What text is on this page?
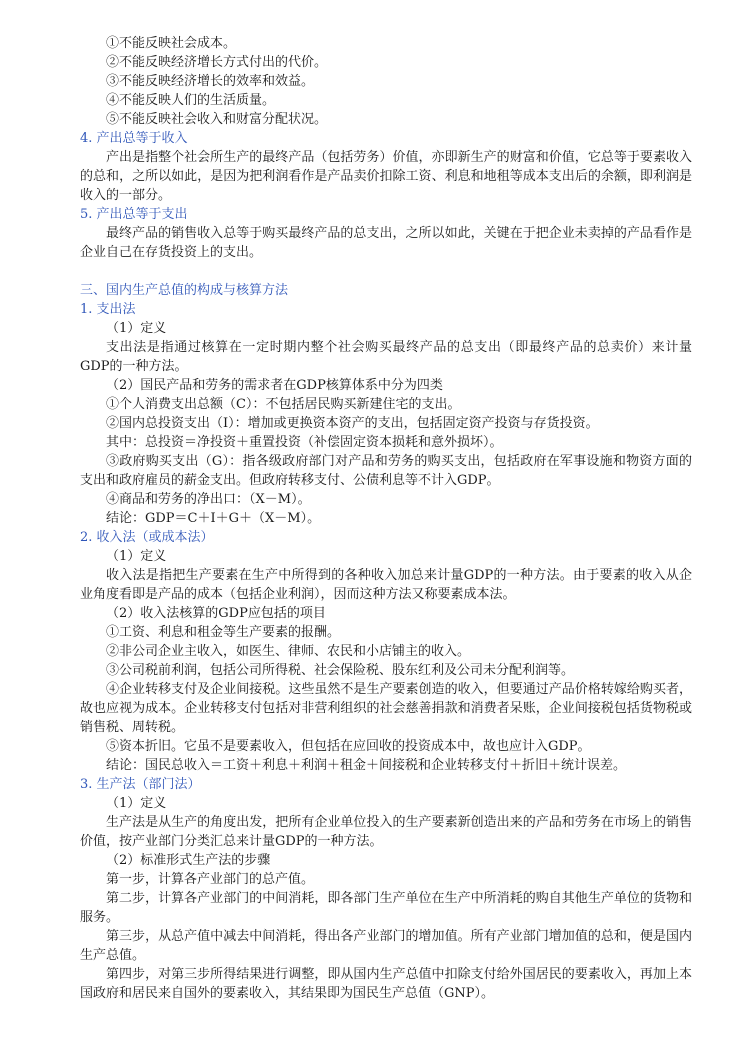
①不能反映社会成本。
②不能反映经济增长方式付出的代价。
③不能反映经济增长的效率和效益。
④不能反映人们的生活质量。
⑤不能反映社会收入和财富分配状况。
4. 产出总等于收入
产出是指整个社会所生产的最终产品（包括劳务）价值，亦即新生产的财富和价值，它总等于要素收入的总和，之所以如此，是因为把利润看作是产品卖价扣除工资、利息和地租等成本支出后的余额，即利润是收入的一部分。
5. 产出总等于支出
最终产品的销售收入总等于购买最终产品的总支出，之所以如此，关键在于把企业未卖掉的产品看作是企业自己在存货投资上的支出。
三、国内生产总值的构成与核算方法
1. 支出法
（1）定义
支出法是指通过核算在一定时期内整个社会购买最终产品的总支出（即最终产品的总卖价）来计量GDP的一种方法。
（2）国民产品和劳务的需求者在GDP核算体系中分为四类
①个人消费支出总额（C）：不包括居民购买新建住宅的支出。
②国内总投资支出（I）：增加或更换资本资产的支出，包括固定资产投资与存货投资。
其中：总投资＝净投资＋重置投资（补偿固定资本损耗和意外损坏）。
③政府购买支出（G）：指各级政府部门对产品和劳务的购买支出，包括政府在军事设施和物资方面的支出和政府雇员的薪金支出。但政府转移支付、公债利息等不计入GDP。
④商品和劳务的净出口：（X－M）。
结论：GDP＝C＋I＋G＋（X－M）。
2. 收入法（或成本法）
（1）定义
收入法是指把生产要素在生产中所得到的各种收入加总来计量GDP的一种方法。由于要素的收入从企业角度看即是产品的成本（包括企业利润），因而这种方法又称要素成本法。
（2）收入法核算的GDP应包括的项目
①工资、利息和租金等生产要素的报酬。
②非公司企业主收入，如医生、律师、农民和小店铺主的收入。
③公司税前利润，包括公司所得税、社会保险税、股东红利及公司未分配利润等。
④企业转移支付及企业间接税。这些虽然不是生产要素创造的收入，但要通过产品价格转嫁给购买者，故也应视为成本。企业转移支付包括对非营利组织的社会慈善捐款和消费者呆账，企业间接税包括货物税或销售税、周转税。
⑤资本折旧。它虽不是要素收入，但包括在应回收的投资成本中，故也应计入GDP。
结论：国民总收入＝工资＋利息＋利润＋租金＋间接税和企业转移支付＋折旧＋统计误差。
3. 生产法（部门法）
（1）定义
生产法是从生产的角度出发，把所有企业单位投入的生产要素新创造出来的产品和劳务在市场上的销售价值，按产业部门分类汇总来计量GDP的一种方法。
（2）标准形式生产法的步骤
第一步，计算各产业部门的总产值。
第二步，计算各产业部门的中间消耗，即各部门生产单位在生产中所消耗的购自其他生产单位的货物和服务。
第三步，从总产值中减去中间消耗，得出各产业部门的增加值。所有产业部门增加值的总和，便是国内生产总值。
第四步，对第三步所得结果进行调整，即从国内生产总值中扣除支付给外国居民的要素收入，再加上本国政府和居民来自国外的要素收入，其结果即为国民生产总值（GNP）。
